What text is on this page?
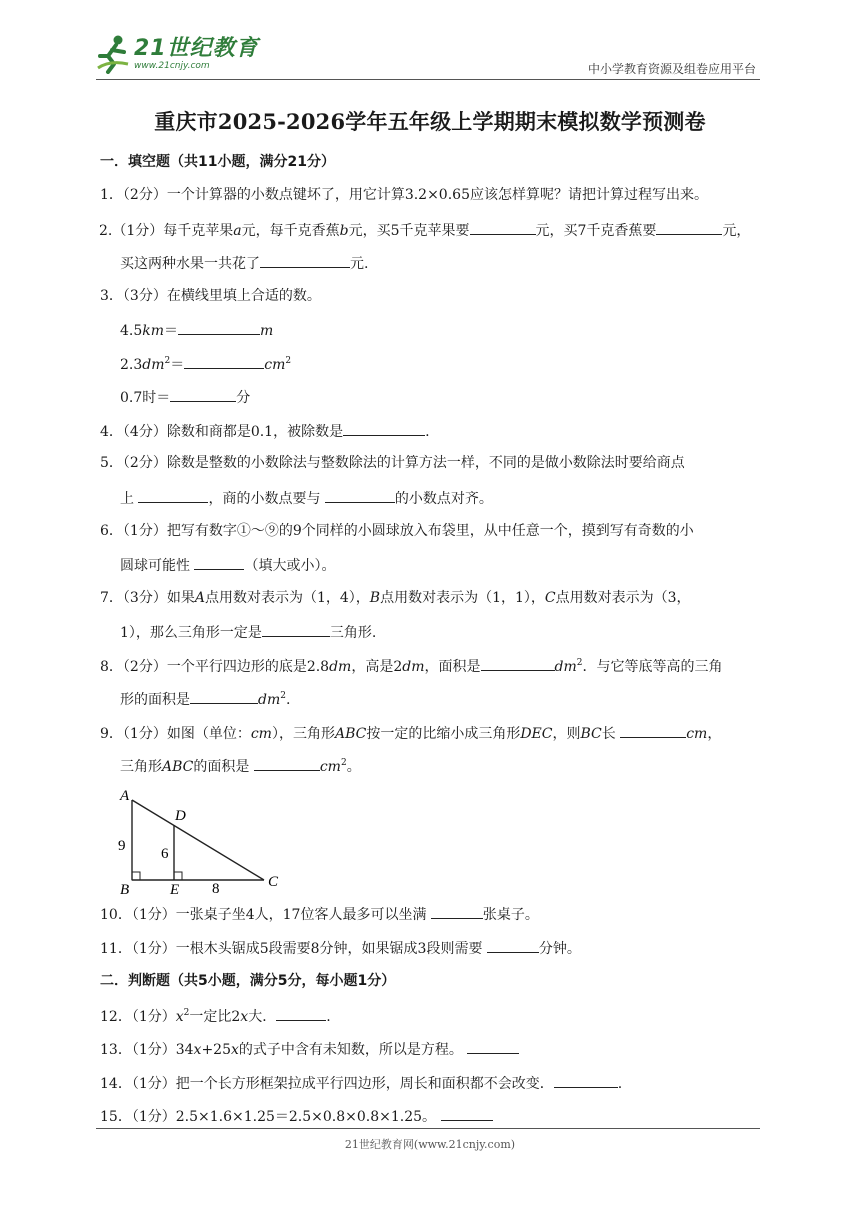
21世纪教育
www.21cnjy.com	中小学教育资源及组卷应用平台
重庆市2025-2026学年五年级上学期期末模拟数学预测卷
一．填空题（共11小题，满分21分）
1．（2分）一个计算器的小数点键坏了，用它计算3.2×0.65应该怎样算呢？请把计算过程写出来。
2.（1分）每千克苹果a元，每千克香蕉b元，买5千克苹果要	元，买7千克香蕉要	元，
买这两种水果一共花了	元.
3．（3分）在横线里填上合适的数。
4.5km＝	m
$2.3dm^2=$	$cm^2$
0.7时＝	分
4．（4分）除数和商都是0.1，被除数是	.
5．（2分）除数是整数的小数除法与整数除法的计算方法一样，不同的是做小数除法时要给商点
上	，商的小数点要与	的小数点对齐。
6．（1分）把写有数字①～⑨的9个同样的小圆球放入布袋里，从中任意一个，摸到写有奇数的小
圆球可能性	（填大或小）。
7．（3分）如果A点用数对表示为（1，4），B点用数对表示为（1，1），C点用数对表示为（3，
1），那么三角形一定是	三角形.
8．（2分）一个平行四边形的底是2.8dm，高是2dm，面积是	$dm^2$．与它等底等高的三角
形的面积是	$dm^2$.
9．（1分）如图（单位：cm），三角形ABC按一定的比缩小成三角形DEC，则BC长	cm，
三角形ABC的面积是	$cm^2$。
10．（1分）一张桌子坐4人，17位客人最多可以坐满	张桌子。
11．（1分）一根木头锯成5段需要8分钟，如果锯成3段则需要	分钟。
二．判断题（共5小题，满分5分，每小题1分）
12．（1分）$x^2$一定比2x大．	.
13．（1分）34x+25x的式子中含有未知数，所以是方程。
14．（1分）把一个长方形框架拉成平行四边形，周长和面积都不会改变．	.
15．（1分）2.5×1.6×1.25＝2.5×0.8×0.8×1.25。
A
B	C
D
E
9 6
8
21世纪教育网(www.21cnjy.com)
